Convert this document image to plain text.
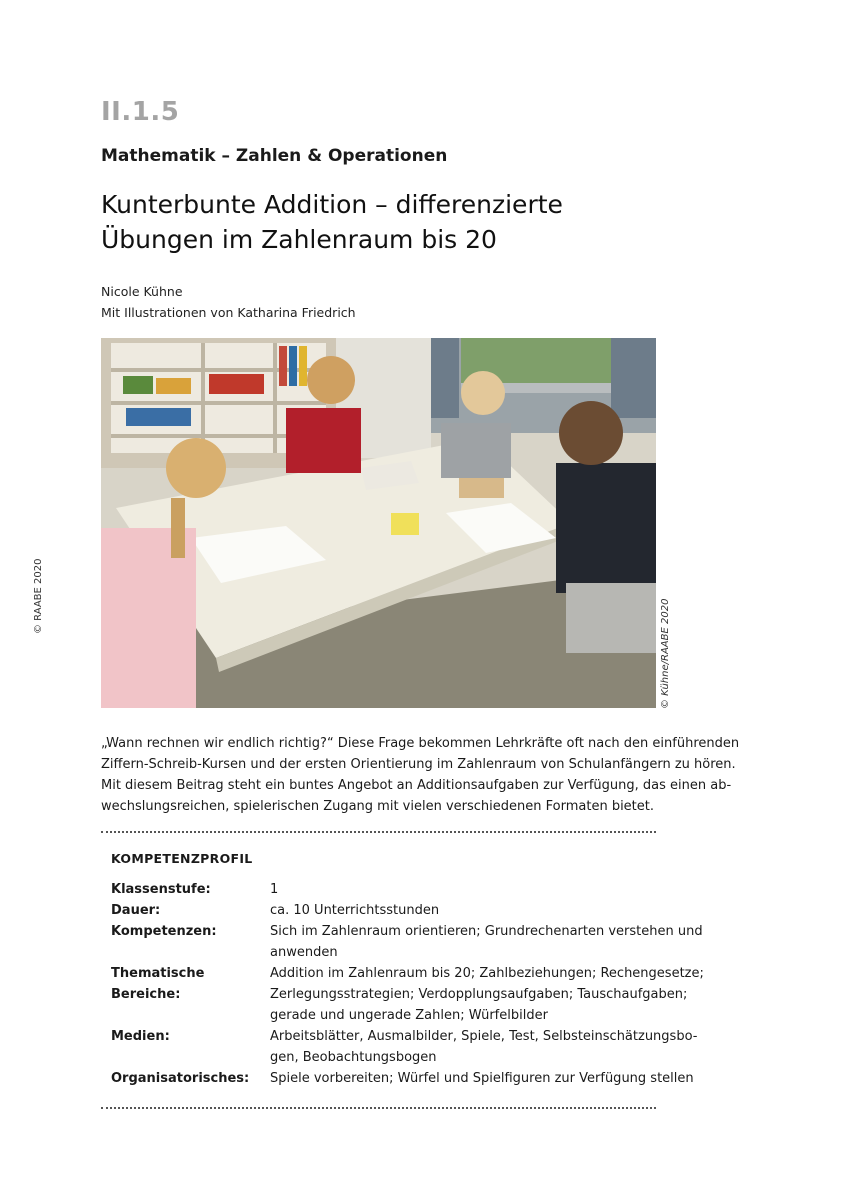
II.1.5
Mathematik – Zahlen & Operationen
Kunterbunte Addition – differenzierte
Übungen im Zahlenraum bis 20
Nicole Kühne
Mit Illustrationen von Katharina Friedrich
© RAABE 2020
© Kühne/RAABE 2020
„Wann rechnen wir endlich richtig?“ Diese Frage bekommen Lehrkräfte oft nach den einführenden
Ziffern-Schreib-Kursen und der ersten Orientierung im Zahlenraum von Schulanfängern zu hören.
Mit diesem Beitrag steht ein buntes Angebot an Additionsaufgaben zur Verfügung, das einen ab-
wechslungsreichen, spielerischen Zugang mit vielen verschiedenen Formaten bietet.
KOMPETENZPROFIL
Klassenstufe:	1
Dauer:	ca. 10 Unterrichtsstunden
Kompetenzen:	Sich im Zahlenraum orientieren; Grundrechenarten verstehen und
anwenden
Thematische Bereiche:
Addition im Zahlenraum bis 20; Zahlbeziehungen; Rechengesetze;
Zerlegungsstrategien; Verdopplungsaufgaben; Tauschaufgaben;
gerade und ungerade Zahlen; Würfelbilder
Medien:	Arbeitsblätter, Ausmalbilder, Spiele, Test, Selbsteinschätzungsbo-
gen, Beobachtungsbogen
Organisatorisches:	Spiele vorbereiten; Würfel und Spielfiguren zur Verfügung stellen
